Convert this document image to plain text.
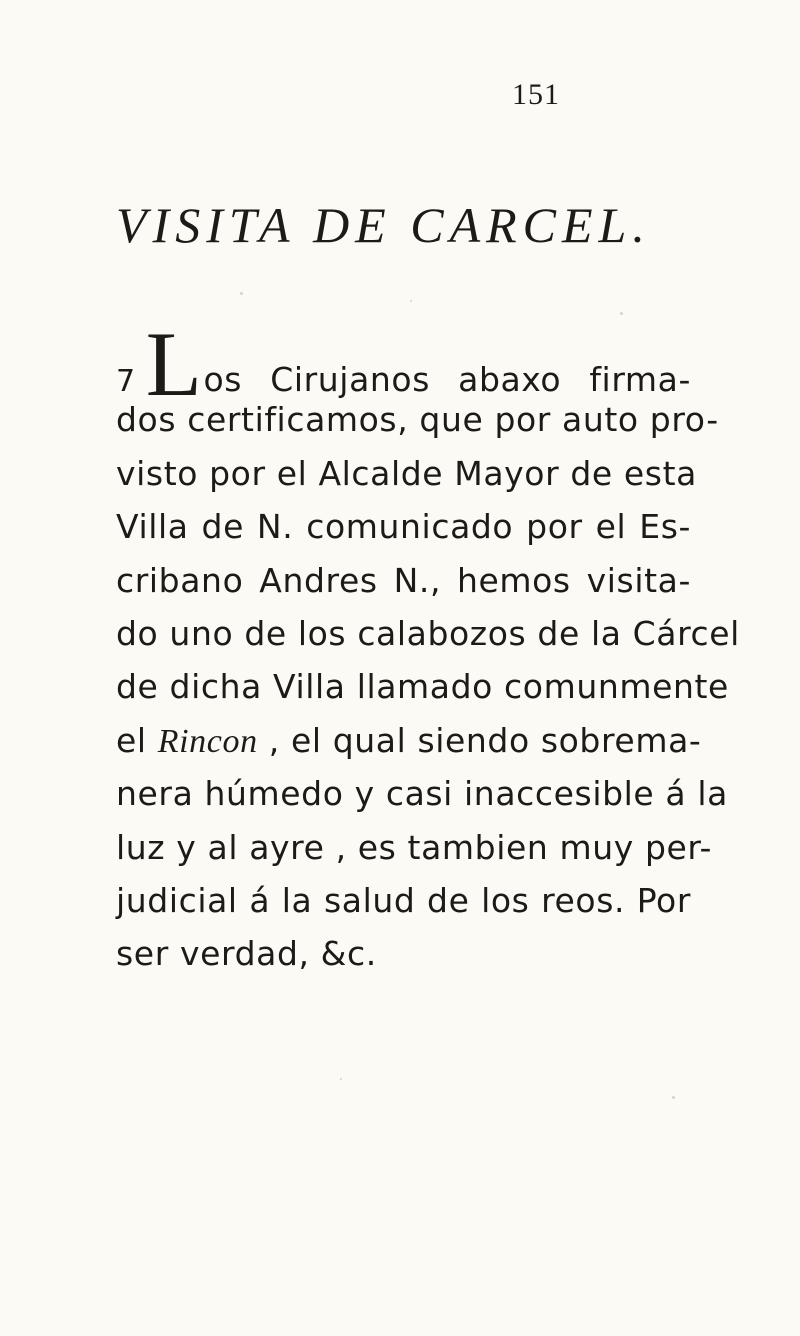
151
VISITA DE CARCEL.
7 Los Cirujanos abaxo firma-
dos certificamos, que por auto pro-
visto por el Alcalde Mayor de esta
Villa de N. comunicado por el Es-
cribano Andres N., hemos visita-
do uno de los calabozos de la Cárcel
de dicha Villa llamado comunmente
el Rincon , el qual siendo sobrema-
nera húmedo y casi inaccesible á la
luz y al ayre , es tambien muy per-
judicial á la salud de los reos. Por
ser verdad, &c.
